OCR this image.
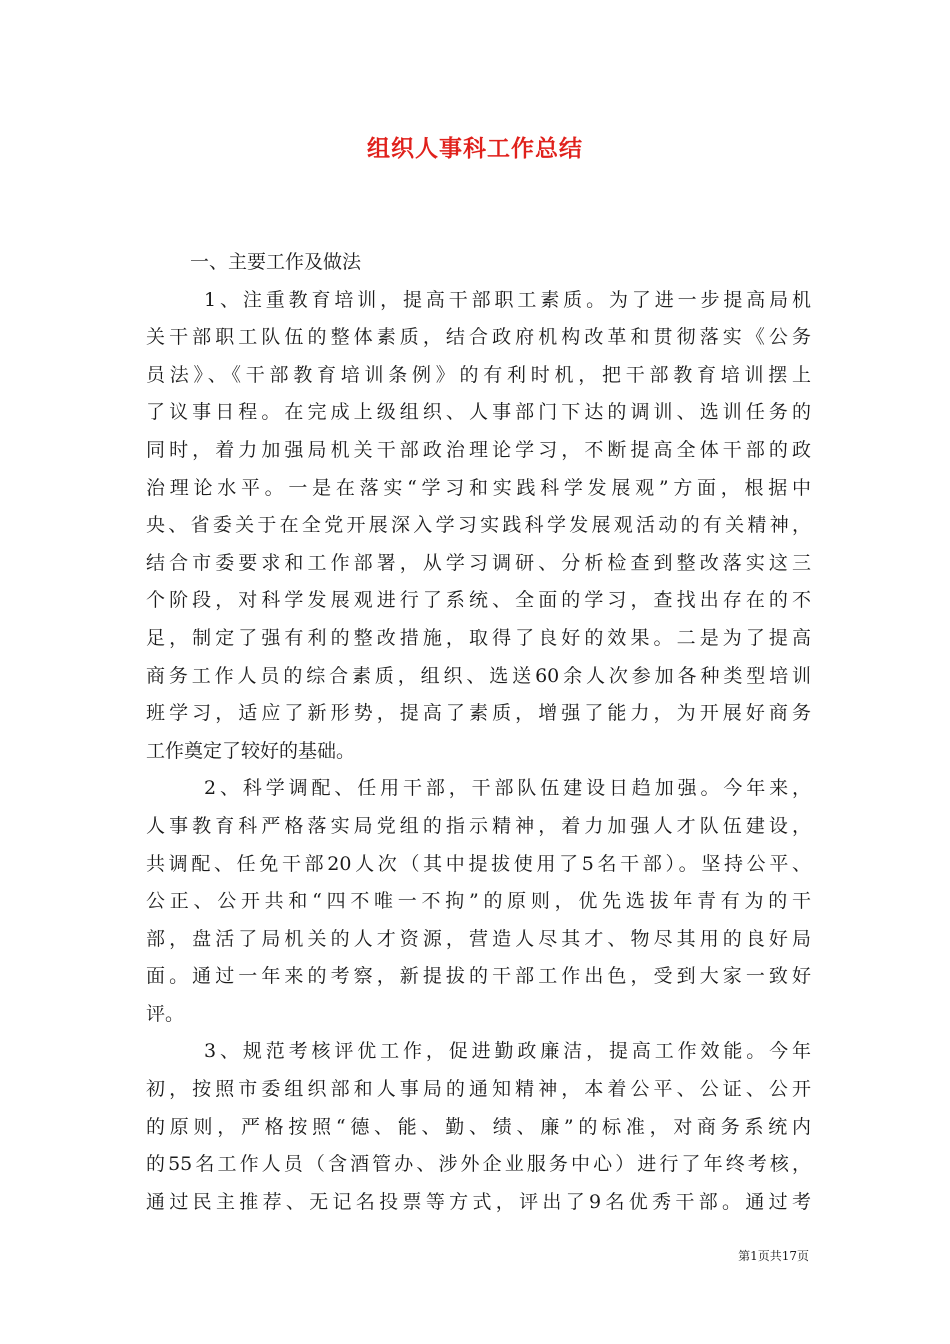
组织人事科工作总结
一、主要工作及做法
1、注重教育培训，提高干部职工素质。为了进一步提高局机
关干部职工队伍的整体素质，结合政府机构改革和贯彻落实《公务
员法》、《干部教育培训条例》的有利时机，把干部教育培训摆上
了议事日程。在完成上级组织、人事部门下达的调训、选训任务的
同时，着力加强局机关干部政治理论学习，不断提高全体干部的政
治理论水平。一是在落实“学习和实践科学发展观”方面，根据中
央、省委关于在全党开展深入学习实践科学发展观活动的有关精神，
结合市委要求和工作部署，从学习调研、分析检查到整改落实这三
个阶段，对科学发展观进行了系统、全面的学习，查找出存在的不
足，制定了强有利的整改措施，取得了良好的效果。二是为了提高
商务工作人员的综合素质，组织、选送60余人次参加各种类型培训
班学习，适应了新形势，提高了素质，增强了能力，为开展好商务
工作奠定了较好的基础。
2、科学调配、任用干部，干部队伍建设日趋加强。今年来，
人事教育科严格落实局党组的指示精神，着力加强人才队伍建设，
共调配、任免干部20人次（其中提拔使用了5名干部）。坚持公平、
公正、公开共和“四不唯一不拘”的原则，优先选拔年青有为的干
部，盘活了局机关的人才资源，营造人尽其才、物尽其用的良好局
面。通过一年来的考察，新提拔的干部工作出色，受到大家一致好
评。
3、规范考核评优工作，促进勤政廉洁，提高工作效能。今年
初，按照市委组织部和人事局的通知精神，本着公平、公证、公开
的原则，严格按照“德、能、勤、绩、廉”的标准，对商务系统内
的55名工作人员（含酒管办、涉外企业服务中心）进行了年终考核，
通过民主推荐、无记名投票等方式，评出了9名优秀干部。通过考
第1页共17页
